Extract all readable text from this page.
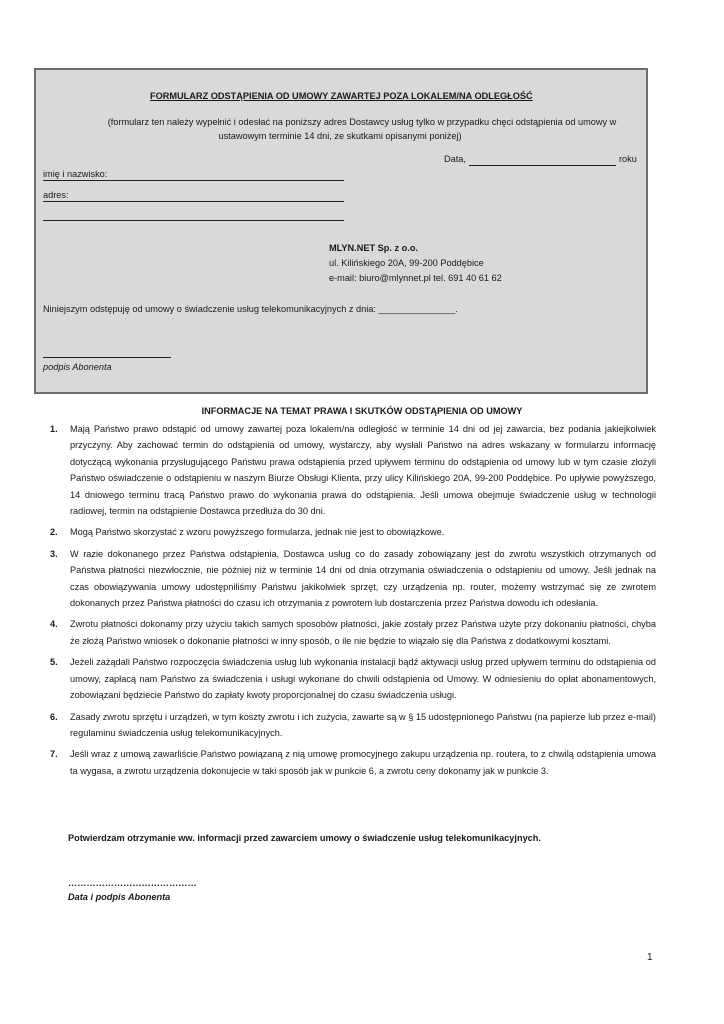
FORMULARZ ODSTĄPIENIA OD UMOWY ZAWARTEJ POZA LOKALEM/NA ODLEGŁOŚĆ
(formularz ten należy wypełnić i odesłać na poniższy adres Dostawcy usług tylko w przypadku chęci odstąpienia od umowy w
ustawowym terminie 14 dni, ze skutkami opisanymi poniżej)
Data,	roku
imię i nazwisko:
adres:
MLYN.NET Sp. z o.o.
ul. Kilińskiego 20A, 99-200 Poddębice
e-mail: biuro@mlynnet.pl tel. 691 40 61 62
Niniejszym odstępuję od umowy o świadczenie usług telekomunikacyjnych z dnia: _______________.
podpis Abonenta
INFORMACJE NA TEMAT PRAWA I SKUTKÓW ODSTĄPIENIA OD UMOWY
1. Mają Państwo prawo odstąpić od umowy zawartej poza lokalem/na odległość w terminie 14 dni od jej zawarcia, bez podania jakiejkolwiek przyczyny. Aby zachować termin do odstąpienia od umowy, wystarczy, aby wysłali Państwo na adres wskazany w formularzu informację dotyczącą wykonania przysługującego Państwu prawa odstąpienia przed upływem terminu do odstąpienia od umowy lub w tym czasie złożyli Państwo oświadczenie o odstąpieniu w naszym Biurze Obsługi Klienta, przy ulicy Kilińskiego 20A, 99-200 Poddębice. Po upływie powyższego, 14 dniowego terminu tracą Państwo prawo do wykonania prawa do odstąpienia. Jeśli umowa obejmuje świadczenie usług w technologii radiowej, termin na odstąpienie Dostawca przedłuża do 30 dni.
2. Mogą Państwo skorzystać z wzoru powyższego formularza, jednak nie jest to obowiązkowe.
3. W razie dokonanego przez Państwa odstąpienia, Dostawca usług co do zasady zobowiązany jest do zwrotu wszystkich otrzymanych od Państwa płatności niezwłocznie, nie później niż w terminie 14 dni od dnia otrzymania oświadczenia o odstąpieniu od umowy. Jeśli jednak na czas obowiązywania umowy udostępniliśmy Państwu jakikolwiek sprzęt, czy urządzenia np. router, możemy wstrzymać się ze zwrotem dokonanych przez Państwa płatności do czasu ich otrzymania z powrotem lub dostarczenia przez Państwa dowodu ich odesłania.
4. Zwrotu płatności dokonamy przy użyciu takich samych sposobów płatności, jakie zostały przez Państwa użyte przy dokonaniu płatności, chyba że złożą Państwo wniosek o dokonanie płatności w inny sposób, o ile nie będzie to wiązało się dla Państwa z dodatkowymi kosztami.
5. Jeżeli zażądali Państwo rozpoczęcia świadczenia usług lub wykonania instalacji bądź aktywacji usług przed upływem terminu do odstąpienia od umowy, zapłacą nam Państwo za świadczenia i usługi wykonane do chwili odstąpienia od Umowy. W odniesieniu do opłat abonamentowych, zobowiązani będziecie Państwo do zapłaty kwoty proporcjonalnej do czasu świadczenia usługi.
6. Zasady zwrotu sprzętu i urządzeń, w tym koszty zwrotu i ich zużycia, zawarte są w § 15 udostępnionego Państwu (na papierze lub przez e-mail) regulaminu świadczenia usług telekomunikacyjnych.
7. Jeśli wraz z umową zawarliście Państwo powiązaną z nią umowę promocyjnego zakupu urządzenia np. routera, to z chwilą odstąpienia umowa ta wygasa, a zwrotu urządzenia dokonujecie w taki sposób jak w punkcie 6, a zwrotu ceny dokonamy jak w punkcie 3.
Potwierdzam otrzymanie ww. informacji przed zawarciem umowy o świadczenie usług telekomunikacyjnych.
……………………………………
Data i podpis Abonenta
1
